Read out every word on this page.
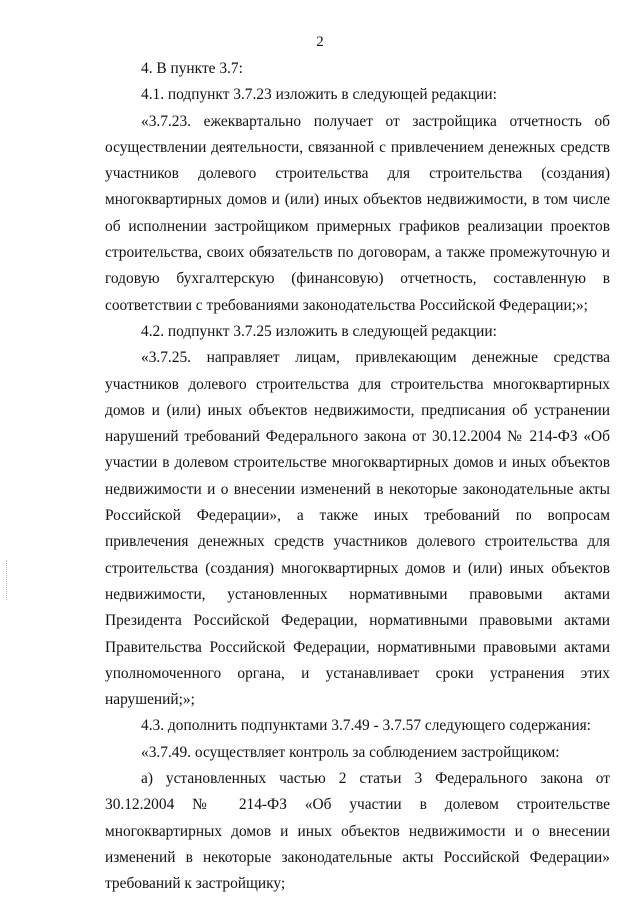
2

4. В пункте 3.7:

4.1. подпункт 3.7.23 изложить в следующей редакции:

«3.7.23. ежеквартально получает от застройщика отчетность об осуществлении деятельности, связанной с привлечением денежных средств участников долевого строительства для строительства (создания) многоквартирных домов и (или) иных объектов недвижимости, в том числе об исполнении застройщиком примерных графиков реализации проектов строительства, своих обязательств по договорам, а также промежуточную и годовую бухгалтерскую (финансовую) отчетность, составленную в соответствии с требованиями законодательства Российской Федерации;»;

4.2. подпункт 3.7.25 изложить в следующей редакции:

«3.7.25. направляет лицам, привлекающим денежные средства участников долевого строительства для строительства многоквартирных домов и (или) иных объектов недвижимости, предписания об устранении нарушений требований Федерального закона от 30.12.2004 № 214-ФЗ «Об участии в долевом строительстве многоквартирных домов и иных объектов недвижимости и о внесении изменений в некоторые законодательные акты Российской Федерации», а также иных требований по вопросам привлечения денежных средств участников долевого строительства для строительства (создания) многоквартирных домов и (или) иных объектов недвижимости, установленных нормативными правовыми актами Президента Российской Федерации, нормативными правовыми актами Правительства Российской Федерации, нормативными правовыми актами уполномоченного органа, и устанавливает сроки устранения этих нарушений;»;

4.3. дополнить подпунктами 3.7.49 - 3.7.57 следующего содержания:

«3.7.49. осуществляет контроль за соблюдением застройщиком:

а) установленных частью 2 статьи 3 Федерального закона от 30.12.2004 № 214-ФЗ «Об участии в долевом строительстве многоквартирных домов и иных объектов недвижимости и о внесении изменений в некоторые законодательные акты Российской Федерации» требований к застройщику;
